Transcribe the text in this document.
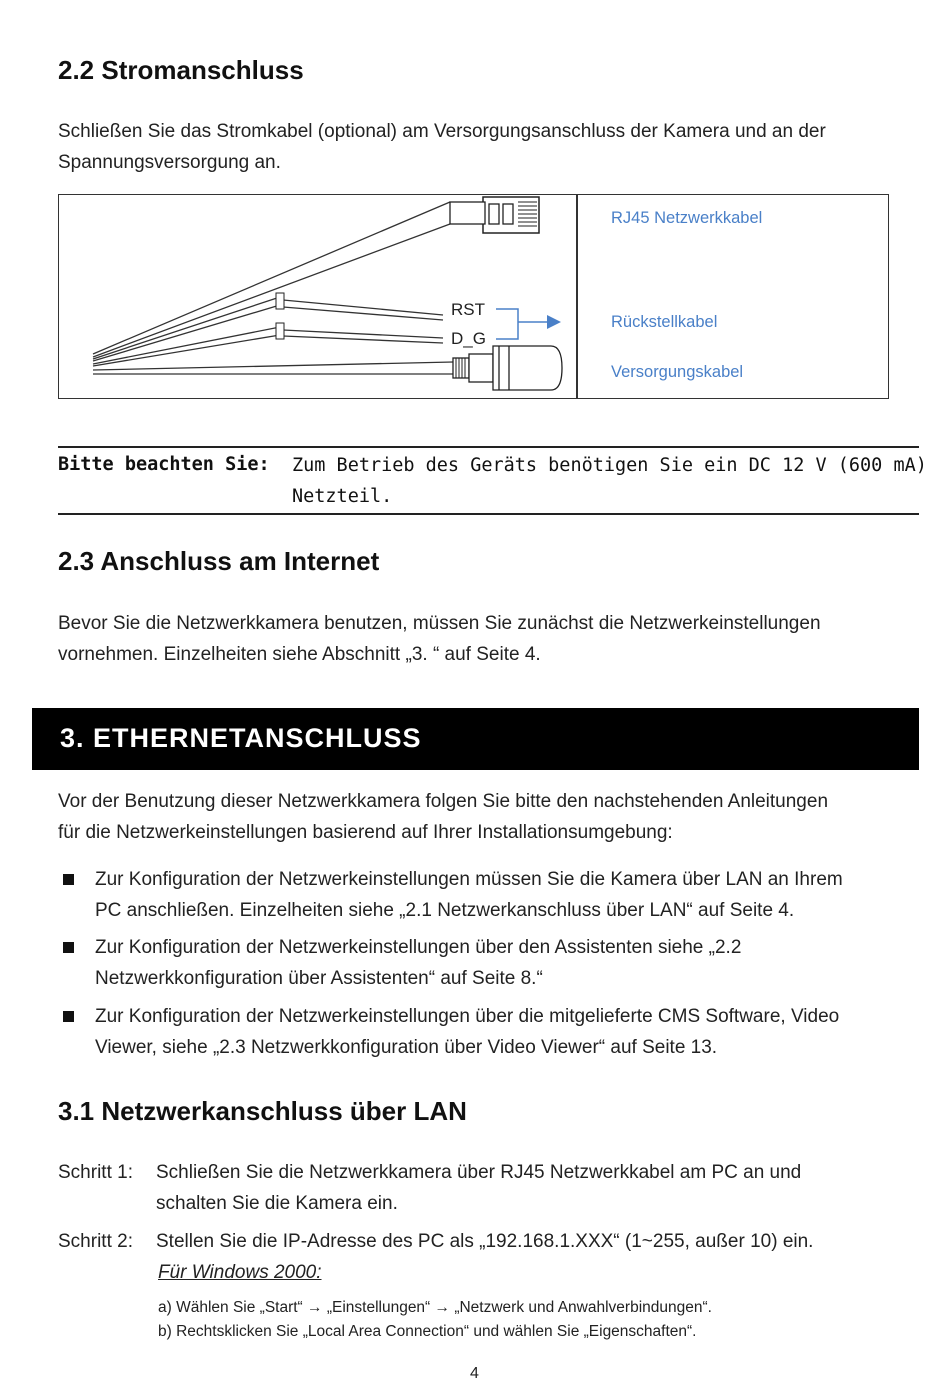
2.2 Stromanschluss
Schließen Sie das Stromkabel (optional) am Versorgungsanschluss der Kamera und an der
Spannungsversorgung an.
RST
D_G
RJ45 Netzwerkkabel
Rückstellkabel
Versorgungskabel
Bitte beachten Sie: Zum Betrieb des Geräts benötigen Sie ein DC 12 V (600 mA)
Netzteil.
2.3 Anschluss am Internet
Bevor Sie die Netzwerkkamera benutzen, müssen Sie zunächst die Netzwerkeinstellungen
vornehmen. Einzelheiten siehe Abschnitt „3. “ auf Seite 4.
3. ETHERNETANSCHLUSS
Vor der Benutzung dieser Netzwerkkamera folgen Sie bitte den nachstehenden Anleitungen
für die Netzwerkeinstellungen basierend auf Ihrer Installationsumgebung:
Zur Konfiguration der Netzwerkeinstellungen müssen Sie die Kamera über LAN an Ihrem
PC anschließen. Einzelheiten siehe „2.1 Netzwerkanschluss über LAN“ auf Seite 4.
Zur Konfiguration der Netzwerkeinstellungen über den Assistenten siehe „2.2
Netzwerkkonfiguration über Assistenten“ auf Seite 8.“
Zur Konfiguration der Netzwerkeinstellungen über die mitgelieferte CMS Software, Video
Viewer, siehe „2.3 Netzwerkkonfiguration über Video Viewer“ auf Seite 13.
3.1 Netzwerkanschluss über LAN
Schritt 1: Schließen Sie die Netzwerkkamera über RJ45 Netzwerkkabel am PC an und
schalten Sie die Kamera ein.
Schritt 2: Stellen Sie die IP-Adresse des PC als „192.168.1.XXX“ (1~255, außer 10) ein.
Für Windows 2000:
a) Wählen Sie „Start“ → „Einstellungen“ → „Netzwerk und Anwahlverbindungen“.
b) Rechtsklicken Sie „Local Area Connection“ und wählen Sie „Eigenschaften“.
4
